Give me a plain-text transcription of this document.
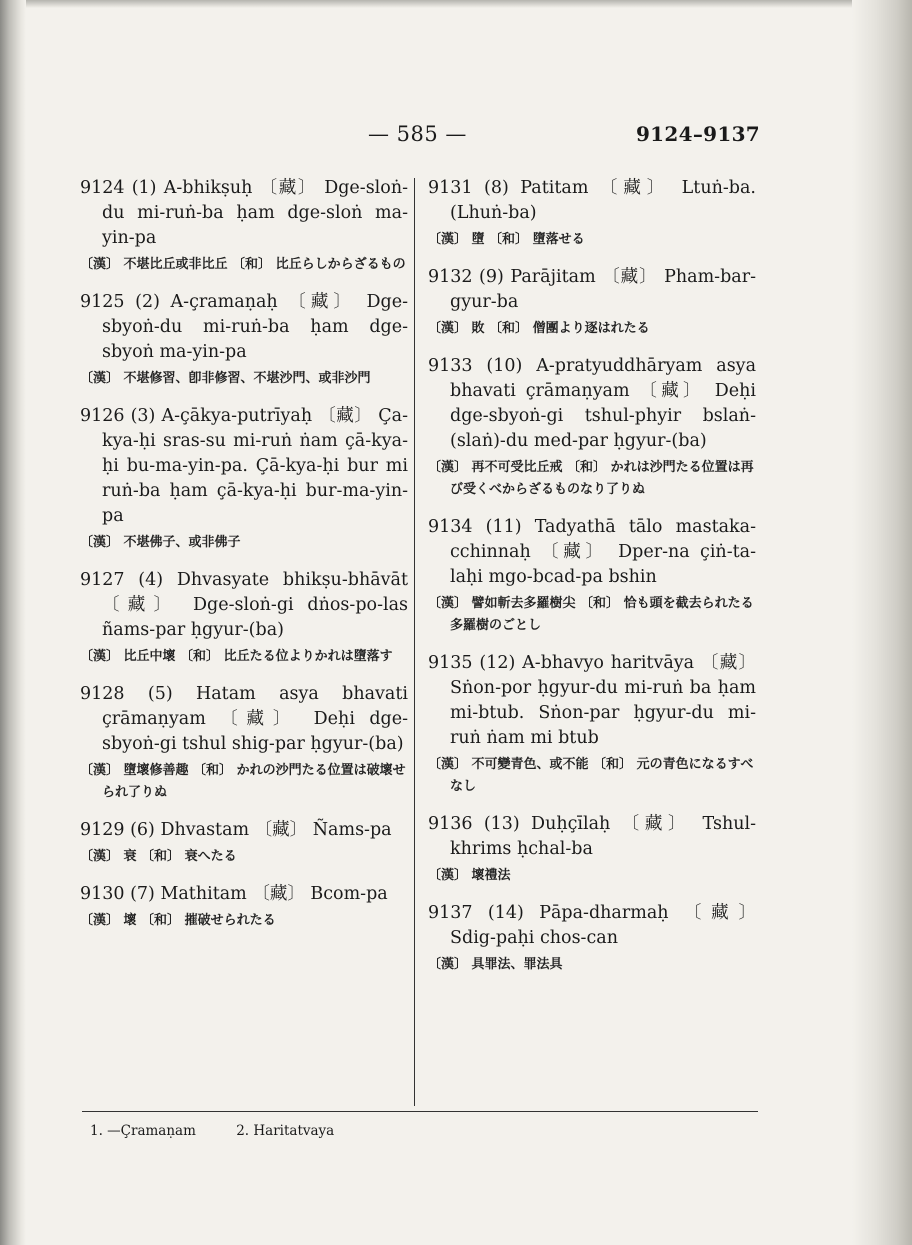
— 585 —	9124–9137
9124 (1) A-bhikṣuḥ 〔藏〕 Dge-sloṅ-du mi-ruṅ-ba ḥam dge-sloṅ ma-yin-pa
〔漢〕 不堪比丘或非比丘 〔和〕 比丘らしからざるもの
9125 (2) A-çramaṇaḥ 〔藏〕 Dge-sbyoṅ-du mi-ruṅ-ba ḥam dge-sbyoṅ ma-yin-pa
〔漢〕 不堪修習、卽非修習、不堪沙門、或非沙門
9126 (3) A-çākya-putrīyaḥ 〔藏〕 Ça-kya-ḥi sras-su mi-ruṅ ṅam çā-kya-ḥi bu-ma-yin-pa. Çā-kya-ḥi bur mi ruṅ-ba ḥam çā-kya-ḥi bur-ma-yin-pa
〔漢〕 不堪佛子、或非佛子
9127 (4) Dhvasyate bhikṣu-bhāvāt 〔藏〕 Dge-sloṅ-gi dṅos-po-las ñams-par ḥgyur-(ba)
〔漢〕 比丘中壞 〔和〕 比丘たる位よりかれは墮落す
9128 (5) Hatam asya bhavati çrāmaṇyam 〔藏〕 Deḥi dge-sbyoṅ-gi tshul shig-par ḥgyur-(ba)
〔漢〕 墮壞修善趣 〔和〕 かれの沙門たる位置は破壞せられ了りぬ
9129 (6) Dhvastam 〔藏〕 Ñams-pa
〔漢〕 衰 〔和〕 衰へたる
9130 (7) Mathitam 〔藏〕 Bcom-pa
〔漢〕 壞 〔和〕 摧破せられたる
9131 (8) Patitam 〔藏〕 Ltuṅ-ba. (Lhuṅ-ba)
〔漢〕 墮 〔和〕 墮落せる
9132 (9) Parājitam 〔藏〕 Pham-bar-gyur-ba
〔漢〕 敗 〔和〕 僧團より逐はれたる
9133 (10) A-pratyuddhāryam asya bhavati çrāmaṇyam 〔藏〕 Deḥi dge-sbyoṅ-gi tshul-phyir bslaṅ-(slaṅ)-du med-par ḥgyur-(ba)
〔漢〕 再不可受比丘戒 〔和〕 かれは沙門たる位置は再び受くべからざるものなり了りぬ
9134 (11) Tadyathā tālo mastaka-cchinnaḥ 〔藏〕 Dper-na çiṅ-ta-laḥi mgo-bcad-pa bshin
〔漢〕 譬如斬去多羅樹尖 〔和〕 恰も頭を截去られたる多羅樹のごとし
9135 (12) A-bhavyo haritvāya 〔藏〕 Sṅon-por ḥgyur-du mi-ruṅ ba ḥam mi-btub. Sṅon-par ḥgyur-du mi-ruṅ ṅam mi btub
〔漢〕 不可變青色、或不能 〔和〕 元の青色になるすべなし
9136 (13) Duḥçīlaḥ 〔藏〕 Tshul-khrims ḥchal-ba
〔漢〕 壞禮法
9137 (14) Pāpa-dharmaḥ 〔藏〕 Sdig-paḥi chos-can
〔漢〕 具罪法、罪法具
1. —Çramaṇam	2. Haritatvaya
